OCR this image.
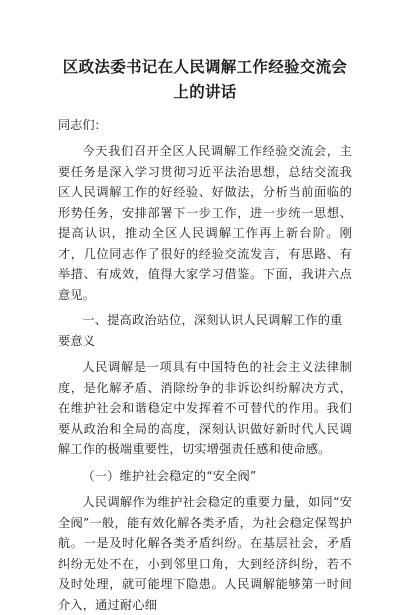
区政法委书记在人民调解工作经验交流会上的讲话

同志们：

今天我们召开全区人民调解工作经验交流会，主要任务是深入学习贯彻习近平法治思想，总结交流我区人民调解工作的好经验、好做法，分析当前面临的形势任务，安排部署下一步工作，进一步统一思想、提高认识，推动全区人民调解工作再上新台阶。刚才，几位同志作了很好的经验交流发言，有思路、有举措、有成效，值得大家学习借鉴。下面，我讲六点意见。

一、提高政治站位，深刻认识人民调解工作的重要意义

人民调解是一项具有中国特色的社会主义法律制度，是化解矛盾、消除纷争的非诉讼纠纷解决方式，在维护社会和谐稳定中发挥着不可替代的作用。我们要从政治和全局的高度，深刻认识做好新时代人民调解工作的极端重要性，切实增强责任感和使命感。

（一）维护社会稳定的“安全阀”

人民调解作为维护社会稳定的重要力量，如同“安全阀”一般，能有效化解各类矛盾，为社会稳定保驾护航。一是及时化解各类矛盾纠纷。在基层社会，矛盾纠纷无处不在，小到邻里口角，大到经济纠纷，若不及时处理，就可能埋下隐患。人民调解能够第一时间介入，通过耐心细
